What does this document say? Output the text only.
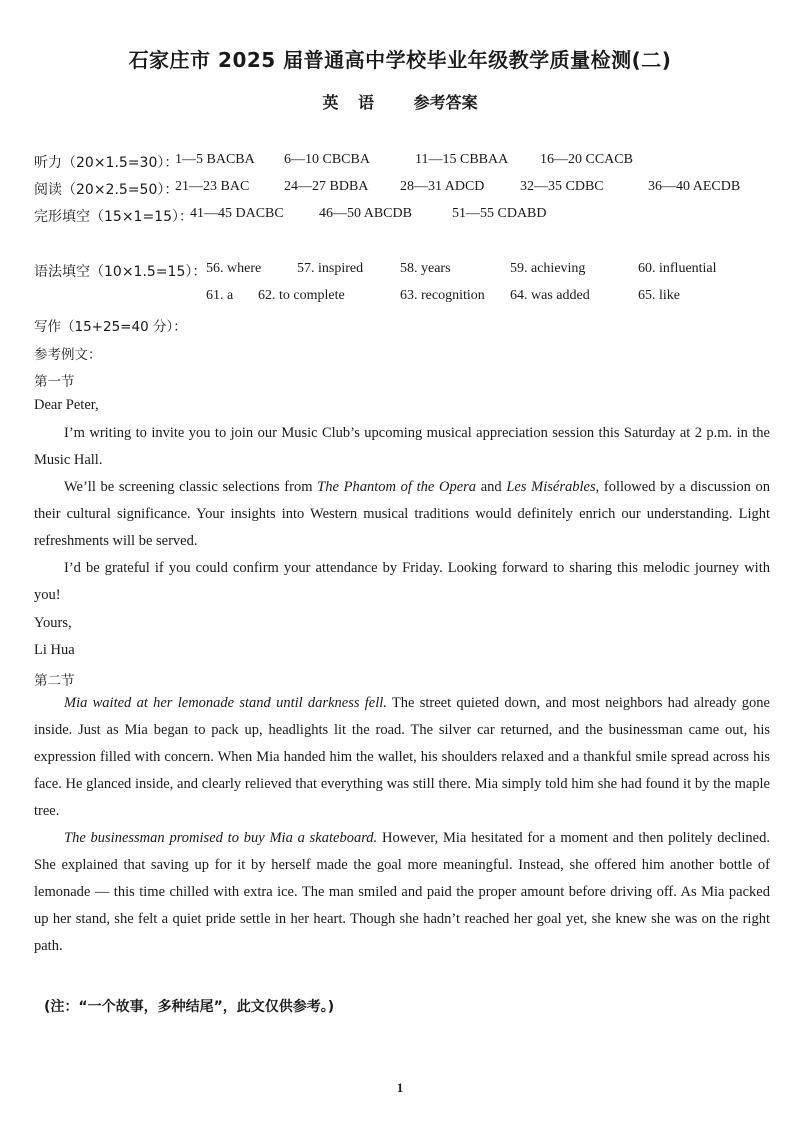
石家庄市 2025 届普通高中学校毕业年级教学质量检测(二)
英 语 参考答案
听力（20×1.5=30）：
1—5 BACBA 6—10 CBCBA	11—15 CBBAA 16—20 CCACB
阅读（20×2.5=50）：
21—23 BAC 24—27 BDBA 28—31 ADCD	32—35 CDBC	36—40 AECDB
完形填空（15×1=15）：
41—45 DACBC	46—50 ABCDB	51—55 CDABD
语法填空（10×1.5=15）： 56. where	57. inspired	58. years	59. achieving	60. influential
61. a 62. to complete	63. recognition 64. was added	65. like
写作（15+25=40 分）：
参考例文：
第一节
Dear Peter,
I’m writing to invite you to join our Music Club’s upcoming musical appreciation session this Saturday at 2 p.m. in the Music Hall.
We’ll be screening classic selections from The Phantom of the Opera and Les Misérables, followed by a discussion on their cultural significance. Your insights into Western musical traditions would definitely enrich our understanding. Light refreshments will be served.
I’d be grateful if you could confirm your attendance by Friday. Looking forward to sharing this melodic journey with you!
Yours,
Li Hua
第二节
Mia waited at her lemonade stand until darkness fell. The street quieted down, and most neighbors had already gone inside. Just as Mia began to pack up, headlights lit the road. The silver car returned, and the businessman came out, his expression filled with concern. When Mia handed him the wallet, his shoulders relaxed and a thankful smile spread across his face. He glanced inside, and clearly relieved that everything was still there. Mia simply told him she had found it by the maple tree.
The businessman promised to buy Mia a skateboard. However, Mia hesitated for a moment and then politely declined. She explained that saving up for it by herself made the goal more meaningful. Instead, she offered him another bottle of lemonade — this time chilled with extra ice. The man smiled and paid the proper amount before driving off. As Mia packed up her stand, she felt a quiet pride settle in her heart. Though she hadn’t reached her goal yet, she knew she was on the right path.
(注：“一个故事，多种结尾”，此文仅供参考。)
1
